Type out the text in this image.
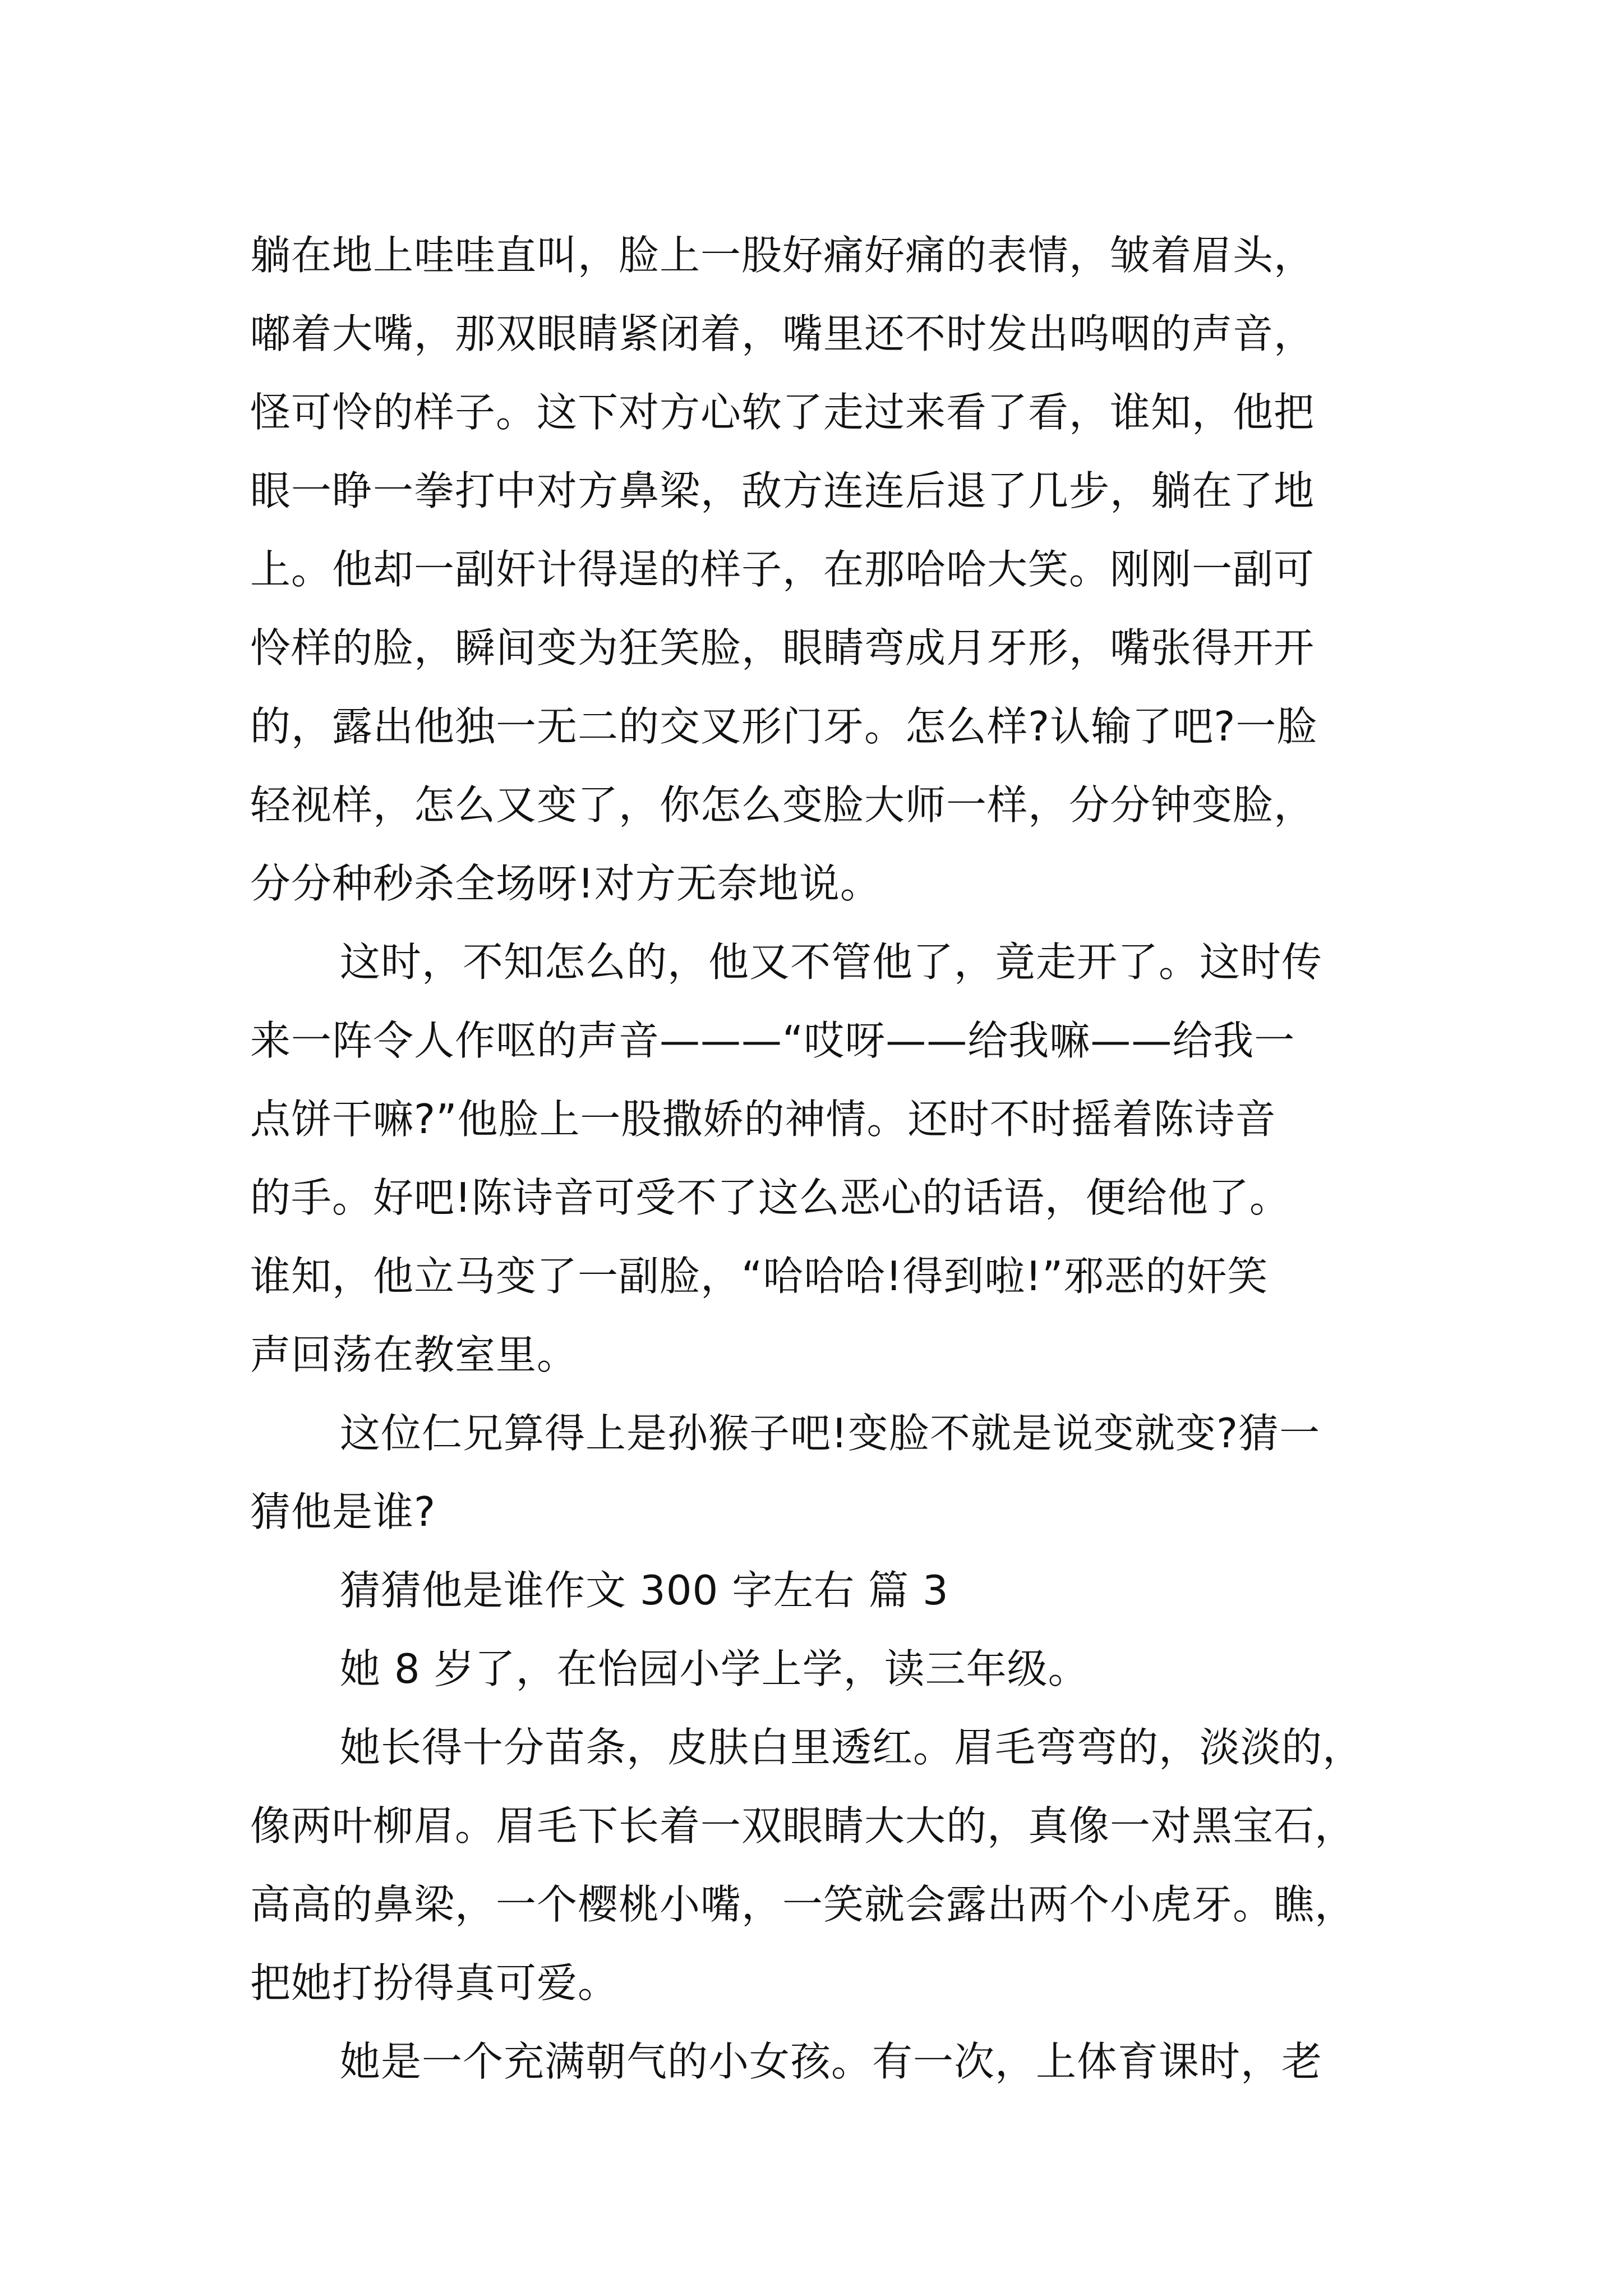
躺在地上哇哇直叫，脸上一股好痛好痛的表情，皱着眉头，
嘟着大嘴，那双眼睛紧闭着，嘴里还不时发出呜咽的声音，
怪可怜的样子。这下对方心软了走过来看了看，谁知，他把
眼一睁一拳打中对方鼻梁，敌方连连后退了几步，躺在了地
上。他却一副奸计得逞的样子，在那哈哈大笑。刚刚一副可
怜样的脸，瞬间变为狂笑脸，眼睛弯成月牙形，嘴张得开开
的，露出他独一无二的交叉形门牙。怎么样?认输了吧?一脸
轻视样，怎么又变了，你怎么变脸大师一样，分分钟变脸，
分分种秒杀全场呀!对方无奈地说。
这时，不知怎么的，他又不管他了，竟走开了。这时传
来一阵令人作呕的声音———“哎呀——给我嘛——给我一
点饼干嘛?”他脸上一股撒娇的神情。还时不时摇着陈诗音
的手。好吧!陈诗音可受不了这么恶心的话语，便给他了。
谁知，他立马变了一副脸，“哈哈哈!得到啦!”邪恶的奸笑
声回荡在教室里。
这位仁兄算得上是孙猴子吧!变脸不就是说变就变?猜一
猜他是谁?
猜猜他是谁作文 300 字左右 篇 3
她 8 岁了，在怡园小学上学，读三年级。
她长得十分苗条，皮肤白里透红。眉毛弯弯的，淡淡的，
像两叶柳眉。眉毛下长着一双眼睛大大的，真像一对黑宝石，
高高的鼻梁，一个樱桃小嘴，一笑就会露出两个小虎牙。瞧，
把她打扮得真可爱。
她是一个充满朝气的小女孩。有一次，上体育课时，老
